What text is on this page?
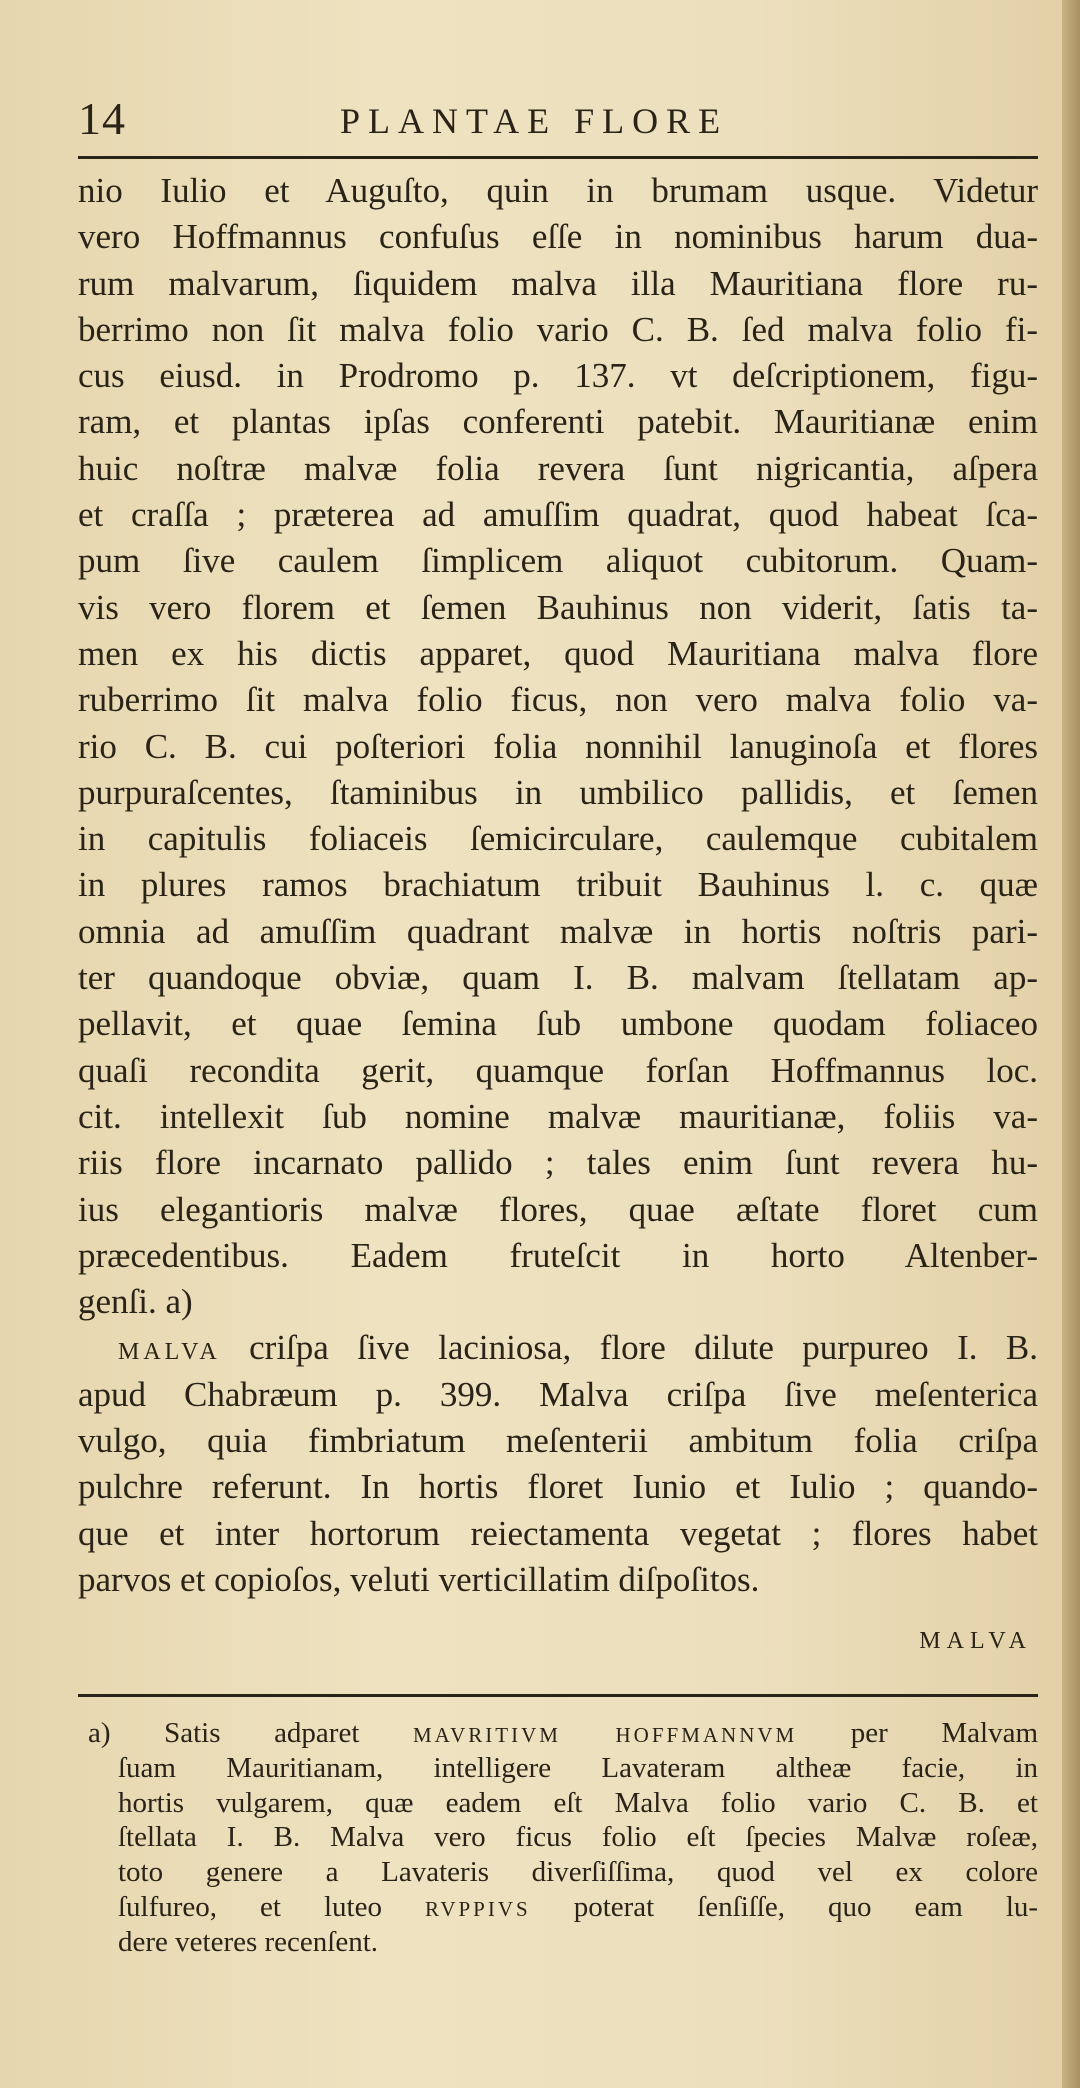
14	PLANTAE FLORE
nio Iulio et Auguſto, quin in brumam usque. Videtur
vero Hoffmannus confuſus eſſe in nominibus harum dua-
rum malvarum, ſiquidem malva illa Mauritiana flore ru-
berrimo non ſit malva folio vario C. B. ſed malva folio fi-
cus eiusd. in Prodromo p. 137. vt deſcriptionem, figu-
ram, et plantas ipſas conferenti patebit. Mauritianæ enim
huic noſtræ malvæ folia revera ſunt nigricantia, aſpera
et craſſa ; præterea ad amuſſim quadrat, quod habeat ſca-
pum ſive caulem ſimplicem aliquot cubitorum. Quam-
vis vero florem et ſemen Bauhinus non viderit, ſatis ta-
men ex his dictis apparet, quod Mauritiana malva flore
ruberrimo ſit malva folio ficus, non vero malva folio va-
rio C. B. cui poſteriori folia nonnihil lanuginoſa et flores
purpuraſcentes, ſtaminibus in umbilico pallidis, et ſemen
in capitulis foliaceis ſemicirculare, caulemque cubitalem
in plures ramos brachiatum tribuit Bauhinus l. c. quæ
omnia ad amuſſim quadrant malvæ in hortis noſtris pari-
ter quandoque obviæ, quam I. B. malvam ſtellatam ap-
pellavit, et quae ſemina ſub umbone quodam foliaceo
quaſi recondita gerit, quamque forſan Hoffmannus loc.
cit. intellexit ſub nomine malvæ mauritianæ, foliis va-
riis flore incarnato pallido ; tales enim ſunt revera hu-
ius elegantioris malvæ flores, quae æſtate floret cum
præcedentibus. Eadem fruteſcit in horto Altenber-
genſi. a)
MALVA criſpa ſive laciniosa, flore dilute purpureo I. B.
apud Chabræum p. 399. Malva criſpa ſive meſenterica
vulgo, quia fimbriatum meſenterii ambitum folia criſpa
pulchre referunt. In hortis floret Iunio et Iulio ; quando-
que et inter hortorum reiectamenta vegetat ; flores habet
parvos et copioſos, veluti verticillatim diſpoſitos.
MALVA
a) Satis adparet	MAVRITIVM HOFFMANNVM per Malvam
ſuam Mauritianam, intelligere Lavateram altheæ facie, in
hortis vulgarem, quæ eadem eſt Malva folio vario C. B. et
ſtellata I. B. Malva vero ficus folio eſt ſpecies Malvæ roſeæ,
toto genere a Lavateris diverſiſſima, quod vel ex colore
ſulfureo, et luteo RVPPIVS poterat ſenſiſſe, quo eam lu-
dere veteres recenſent.
